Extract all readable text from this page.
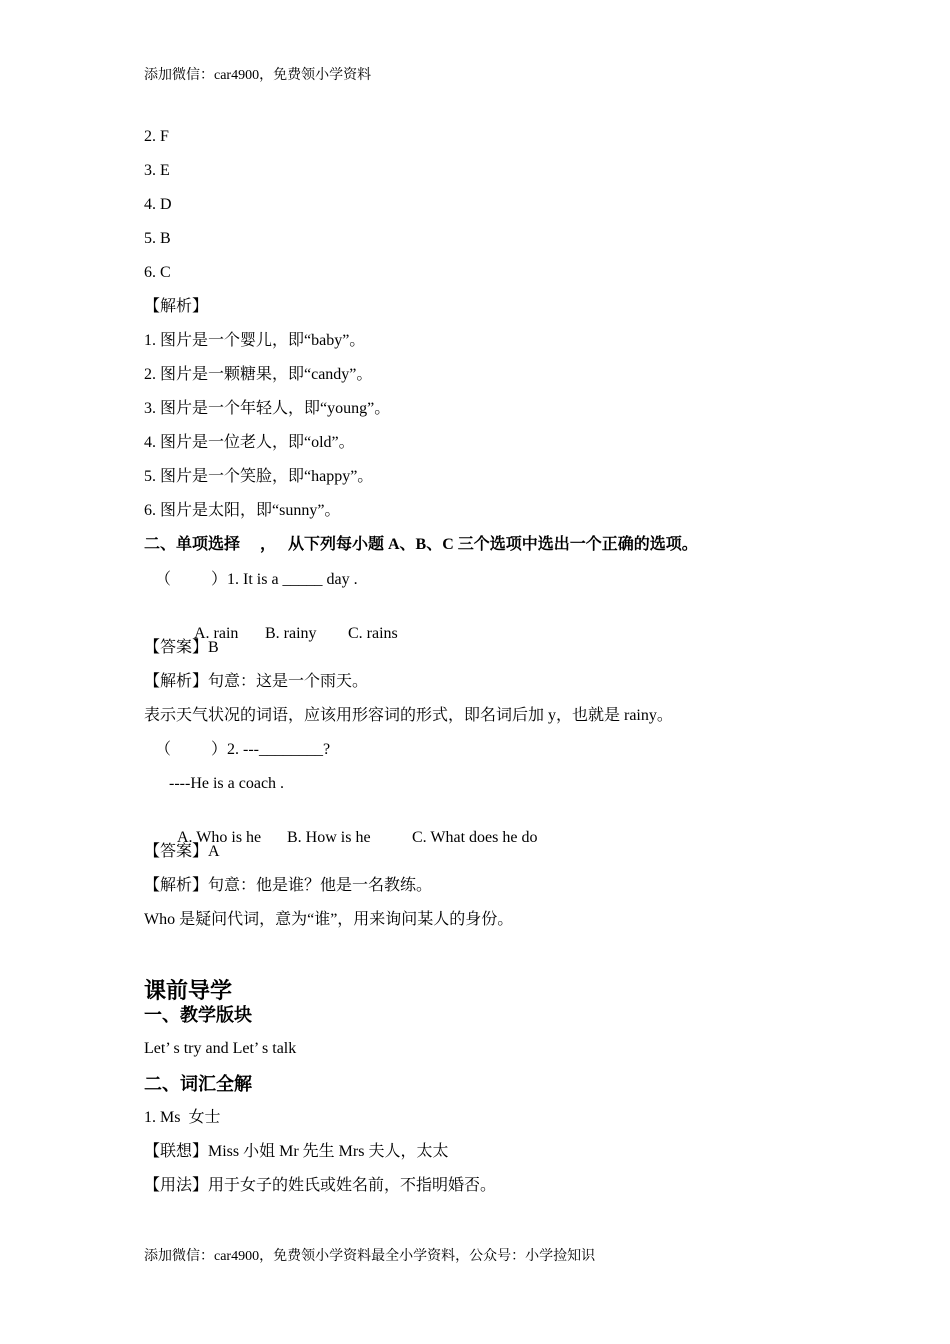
添加微信：car4900，免费领小学资料
2. F
3. E
4. D
5. B
6. C
【解析】
1. 图片是一个婴儿，即“baby”。
2. 图片是一颗糖果，即“candy”。
3. 图片是一个年轻人，即“young”。
4. 图片是一位老人，即“old”。
5. 图片是一个笑脸，即“happy”。
6. 图片是太阳，即“sunny”。
二、单项选择     ，   从下列每小题 A、B、C 三个选项中选出一个正确的选项。
（          ）1. It is a _____ day .

A. rain B. rainy C. rains

【答案】B
【解析】句意：这是一个雨天。
表示天气状况的词语，应该用形容词的形式，即名词后加 y，也就是 rainy。
（          ）2. ---________?
----He is a coach .

A. Who is he B. How is he	C. What does he do

【答案】A
【解析】句意：他是谁？他是一名教练。
Who 是疑问代词，意为“谁”，用来询问某人的身份。
课前导学
一、教学版块
Let’ s try and Let’ s talk
二、词汇全解
1. Ms  女士
【联想】Miss 小姐 Mr 先生 Mrs 夫人，太太
【用法】用于女子的姓氏或姓名前，不指明婚否。
添加微信：car4900，免费领小学资料最全小学资料，公众号：小学捡知识
